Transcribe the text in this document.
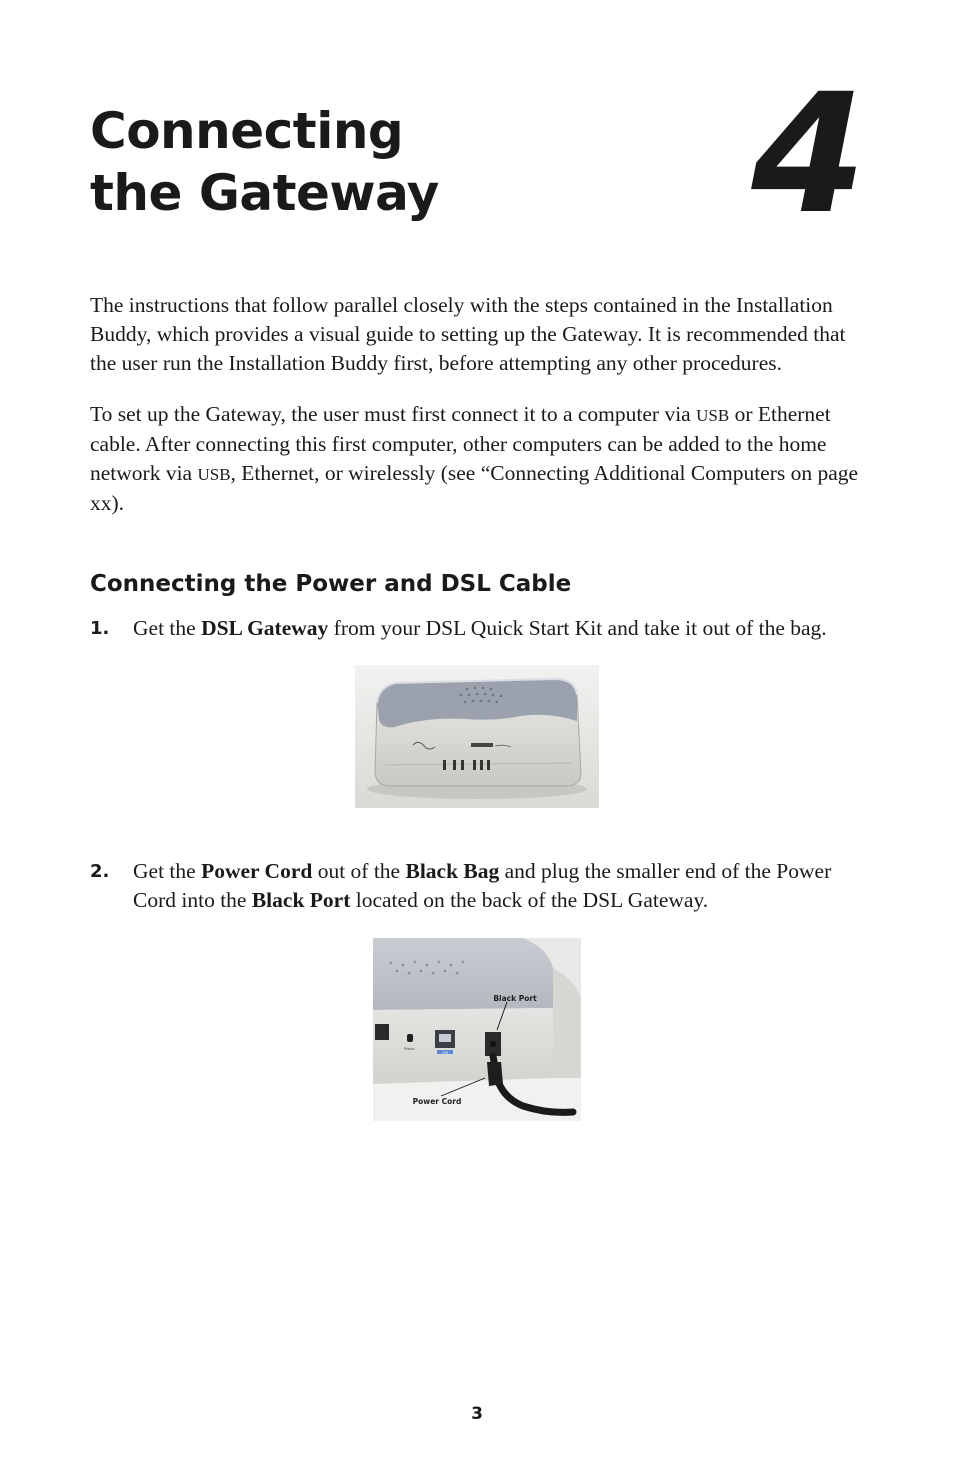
Connecting
the Gateway 4

The instructions that follow parallel closely with the steps contained in the Installation Buddy, which provides a visual guide to setting up the Gateway. It is recommended that the user run the Installation Buddy first, before attempting any other procedures.

To set up the Gateway, the user must first connect it to a computer via USB or Ethernet cable. After connecting this first computer, other computers can be added to the home network via USB, Ethernet, or wirelessly (see “Connecting Additional Computers on page xx).

Connecting the Power and DSL Cable
1. Get the DSL Gateway from your DSL Quick Start Kit and take it out of the bag.

2. Get the Power Cord out of the Black Bag and plug the smaller end of the Power Cord into the Black Port located on the back of the DSL Gateway.

Phone
USB
Black Port
Power Cord
3
